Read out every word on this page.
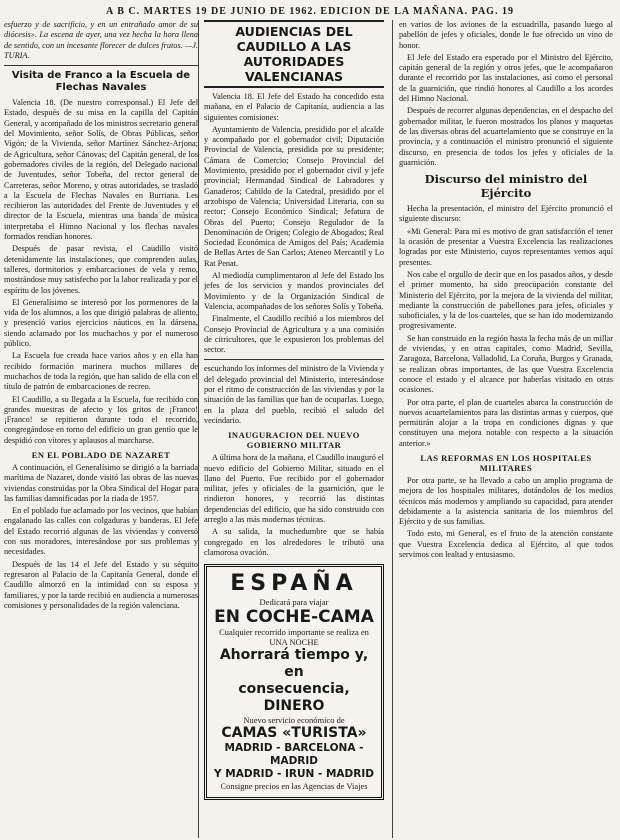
A B C. MARTES 19 DE JUNIO DE 1962. EDICION DE LA MAÑANA. PAG. 19

esfuerzo y de sacrificio, y en un entrañado amor de su diócesis». La escena de ayer, una vez hecha la hora llena de sentido, con un incesante florecer de dulces frutos. —J. TURIA.

Visita de Franco a la Escuela de Flechas Navales

Valencia 18. (De nuestro corresponsal.) El Jefe del Estado, después de su misa en la capilla del Capitán General, y acompañado de los ministros secretario general del Movimiento, señor Solís, de Obras Públicas, señor Vigón; de la Vivienda, señor Martínez Sánchez-Arjona; de Agricultura, señor Cánovas; del Capitán general, de los gobernadores civiles de la región, del Delegado nacional de Juventudes, señor Tobeña, del rector general de Carreteras, señor Moreno, y otras autoridades, se trasladó a la Escuela de Flechas Navales en Burriana. Les recibieron las autoridades del Frente de Juventudes y el director de la Escuela, mientras una banda de música interpretaba el Himno Nacional y los flechas navales formados rendían honores.

Después de pasar revista, el Caudillo visitó detenidamente las instalaciones, que comprenden aulas, talleres, dormitorios y embarcaciones de vela y remo, mostrándose muy satisfecho por la labor realizada y por el espíritu de los jóvenes.

El Generalísimo se interesó por los pormenores de la vida de los alumnos, a los que dirigió palabras de aliento, y presenció varios ejercicios náuticos en la dársena, siendo aclamado por los muchachos y por el numeroso público.

La Escuela fue creada hace varios años y en ella han recibido formación marinera muchos millares de muchachos de toda la región, que han salido de ella con el título de patrón de embarcaciones de recreo.

El Caudillo, a su llegada a la Escuela, fue recibido con grandes muestras de afecto y los gritos de ¡Franco! ¡Franco! se repitieron durante todo el recorrido, congregándose en torno del edificio un gran gentío que le despidió con vítores y aplausos al marcharse.

EN EL POBLADO DE NAZARET

A continuación, el Generalísimo se dirigió a la barriada marítima de Nazaret, donde visitó las obras de las nuevas viviendas construidas por la Obra Sindical del Hogar para las familias damnificadas por la riada de 1957.

En el poblado fue aclamado por los vecinos, que habían engalanado las calles con colgaduras y banderas. El Jefe del Estado recorrió algunas de las viviendas y conversó con sus moradores, interesándose por sus problemas y necesidades.

Después de las 14 el Jefe del Estado y su séquito regresaron al Palacio de la Capitanía General, donde el Caudillo almorzó en la intimidad con su esposa y familiares, y por la tarde recibió en audiencia a numerosas comisiones y personalidades de la región valenciana.

AUDIENCIAS DEL CAUDILLO A LAS AUTORIDADES VALENCIANAS

Valencia 18. El Jefe del Estado ha concedido esta mañana, en el Palacio de Capitanía, audiencia a las siguientes comisiones:

Ayuntamiento de Valencia, presidido por el alcalde y acompañado por el gobernador civil; Diputación Provincial de Valencia, presidida por su presidente; Cámara de Comercio; Consejo Provincial del Movimiento, presidido por el gobernador civil y jefe provincial; Hermandad Sindical de Labradores y Ganaderos; Cabildo de la Catedral, presidido por el arzobispo de Valencia; Universidad Literaria, con su rector; Consejo Económico Sindical; Jefatura de Obras del Puerto; Consejo Regulador de la Denominación de Origen; Colegio de Abogados; Real Sociedad Económica de Amigos del País; Academia de Bellas Artes de San Carlos; Ateneo Mercantil y Lo Rat Penat.

Al mediodía cumplimentaron al Jefe del Estado los jefes de los servicios y mandos provinciales del Movimiento y de la Organización Sindical de Valencia, acompañados de los señores Solís y Tobeña.

Finalmente, el Caudillo recibió a los miembros del Consejo Provincial de Agricultura y a una comisión de citricultores, que le expusieron los problemas del sector.

escuchando los informes del ministro de la Vivienda y del delegado provincial del Ministerio, interesándose por el ritmo de construcción de las viviendas y por la situación de las familias que han de ocuparlas. Luego, en la plaza del pueblo, recibió el saludo del vecindario.

INAUGURACION DEL NUEVO GOBIERNO MILITAR

A última hora de la mañana, el Caudillo inauguró el nuevo edificio del Gobierno Militar, situado en el llano del Puerto. Fue recibido por el gobernador militar, jefes y oficiales de la guarnición, que le rindieron honores, y recorrió las distintas dependencias del edificio, que ha sido construido con arreglo a las más modernas técnicas.

A su salida, la muchedumbre que se había congregado en los alrededores le tributó una clamorosa ovación.

ESPAÑA
Dedicará para viajar
EN COCHE-CAMA
Cualquier recorrido importante se realiza en UNA NOCHE
Ahorrará tiempo y, en
consecuencia, DINERO
Nuevo servicio económico de
CAMAS «TURISTA»
MADRID - BARCELONA - MADRID
Y MADRID - IRUN - MADRID
Consigne precios en las Agencias de Viajes

en varios de los aviones de la escuadrilla, pasando luego al pabellón de jefes y oficiales, donde le fue ofrecido un vino de honor.

El Jefe del Estado era esperado por el Ministro del Ejército, capitán general de la región y otros jefes, que le acompañaron durante el recorrido por las instalaciones, así como el personal de la guarnición, que rindió honores al Caudillo a los acordes del Himno Nacional.

Después de recorrer algunas dependencias, en el despacho del gobernador militar, le fueron mostrados los planos y maquetas de las diversas obras del acuartelamiento que se construye en la provincia, y a continuación el ministro pronunció el siguiente discurso, en presencia de todos los jefes y oficiales de la guarnición.

Discurso del ministro del Ejército

Hecha la presentación, el ministro del Ejército pronunció el siguiente discurso:

«Mi General: Para mí es motivo de gran satisfacción el tener la ocasión de presentar a Vuestra Excelencia las realizaciones logradas por este Ministerio, cuyos representantes vemos aquí presentes.

Nos cabe el orgullo de decir que en los pasados años, y desde el primer momento, ha sido preocupación constante del Ministerio del Ejército, por la mejora de la vivienda del militar, mediante la construcción de pabellones para jefes, oficiales y suboficiales, y la de los cuarteles, que se han ido modernizando progresivamente.

Se han construido en la región hasta la fecha más de un millar de viviendas, y en otras capitales, como Madrid, Sevilla, Zaragoza, Barcelona, Valladolid, La Coruña, Burgos y Granada, se realizan obras importantes, de las que Vuestra Excelencia conoce el estado y el alcance por haberlas visitado en otras ocasiones.

Por otra parte, el plan de cuarteles abarca la construcción de nuevos acuartelamientos para las distintas armas y cuerpos, que permitirán alojar a la tropa en condiciones dignas y que constituyen una mejora notable con respecto a la situación anterior.»

LAS REFORMAS EN LOS HOSPITALES MILITARES

Por otra parte, se ha llevado a cabo un amplio programa de mejora de los hospitales militares, dotándolos de los medios técnicos más modernos y ampliando su capacidad, para atender debidamente a la asistencia sanitaria de los miembros del Ejército y de sus familias.

Todo esto, mi General, es el fruto de la atención constante que Vuestra Excelencia dedica al Ejército, al que todos servimos con lealtad y entusiasmo.
